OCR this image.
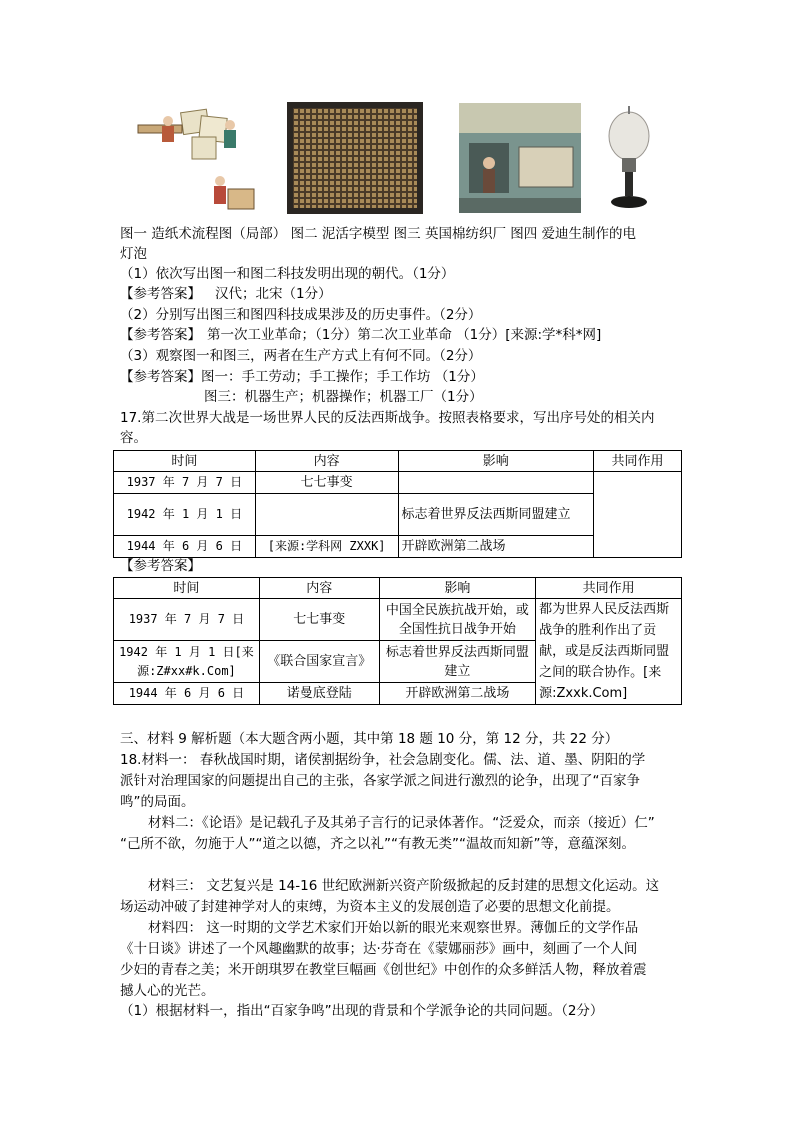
图一 造纸术流程图（局部） 图二 泥活字模型 图三 英国棉纺织厂 图四 爱迪生制作的电
灯泡
（1）依次写出图一和图二科技发明出现的朝代。（1分）
【参考答案】 汉代；北宋（1分）
（2）分别写出图三和图四科技成果涉及的历史事件。（2分）
【参考答案】 第一次工业革命；（1分）第二次工业革命 （1分）[来源:学*科*网]
（3）观察图一和图三，两者在生产方式上有何不同。（2分）
【参考答案】图一：手工劳动；手工操作；手工作坊 （1分）
图三：机器生产；机器操作；机器工厂（1分）
17.第二次世界大战是一场世界人民的反法西斯战争。按照表格要求，写出序号处的相关内
容。
时间	内容	影响	共同作用
1937 年 7 月 7 日	七七事变		
1942 年 1 月 1 日		标志着世界反法西斯同盟建立	
1944 年 6 月 6 日	[来源:学科网 ZXXK]	开辟欧洲第二战场	
【参考答案】
时间	内容	影响	共同作用
1937 年 7 月 7 日	七七事变	中国全民族抗战开始，或全国性抗日战争开始	都为世界人民反法西斯战争的胜利作出了贡献，或是反法西斯同盟之间的联合协作。[来源:Zxxk.Com]
1942 年 1 月 1 日[来源:Z#xx#k.Com]	《联合国家宣言》	标志着世界反法西斯同盟建立	
1944 年 6 月 6 日	诺曼底登陆	开辟欧洲第二战场	
三、材料 9 解析题（本大题含两小题，其中第 18 题 10 分，第 12 分，共 22 分）
18.材料一： 春秋战国时期，诸侯割据纷争，社会急剧变化。儒、法、道、墨、阴阳的学
派针对治理国家的问题提出自己的主张，各家学派之间进行激烈的论争，出现了“百家争
鸣”的局面。
材料二：《论语》是记载孔子及其弟子言行的记录体著作。“泛爱众，而亲（接近）仁”
“己所不欲，勿施于人”“道之以德，齐之以礼”“有教无类”“温故而知新”等，意蕴深刻。
材料三： 文艺复兴是 14-16 世纪欧洲新兴资产阶级掀起的反封建的思想文化运动。这
场运动冲破了封建神学对人的束缚，为资本主义的发展创造了必要的思想文化前提。
材料四： 这一时期的文学艺术家们开始以新的眼光来观察世界。薄伽丘的文学作品
《十日谈》讲述了一个风趣幽默的故事；达·芬奇在《蒙娜丽莎》画中，刻画了一个人间
少妇的青春之美；米开朗琪罗在教堂巨幅画《创世纪》中创作的众多鲜活人物，释放着震
撼人心的光芒。
（1）根据材料一，指出“百家争鸣”出现的背景和个学派争论的共同问题。（2分）
